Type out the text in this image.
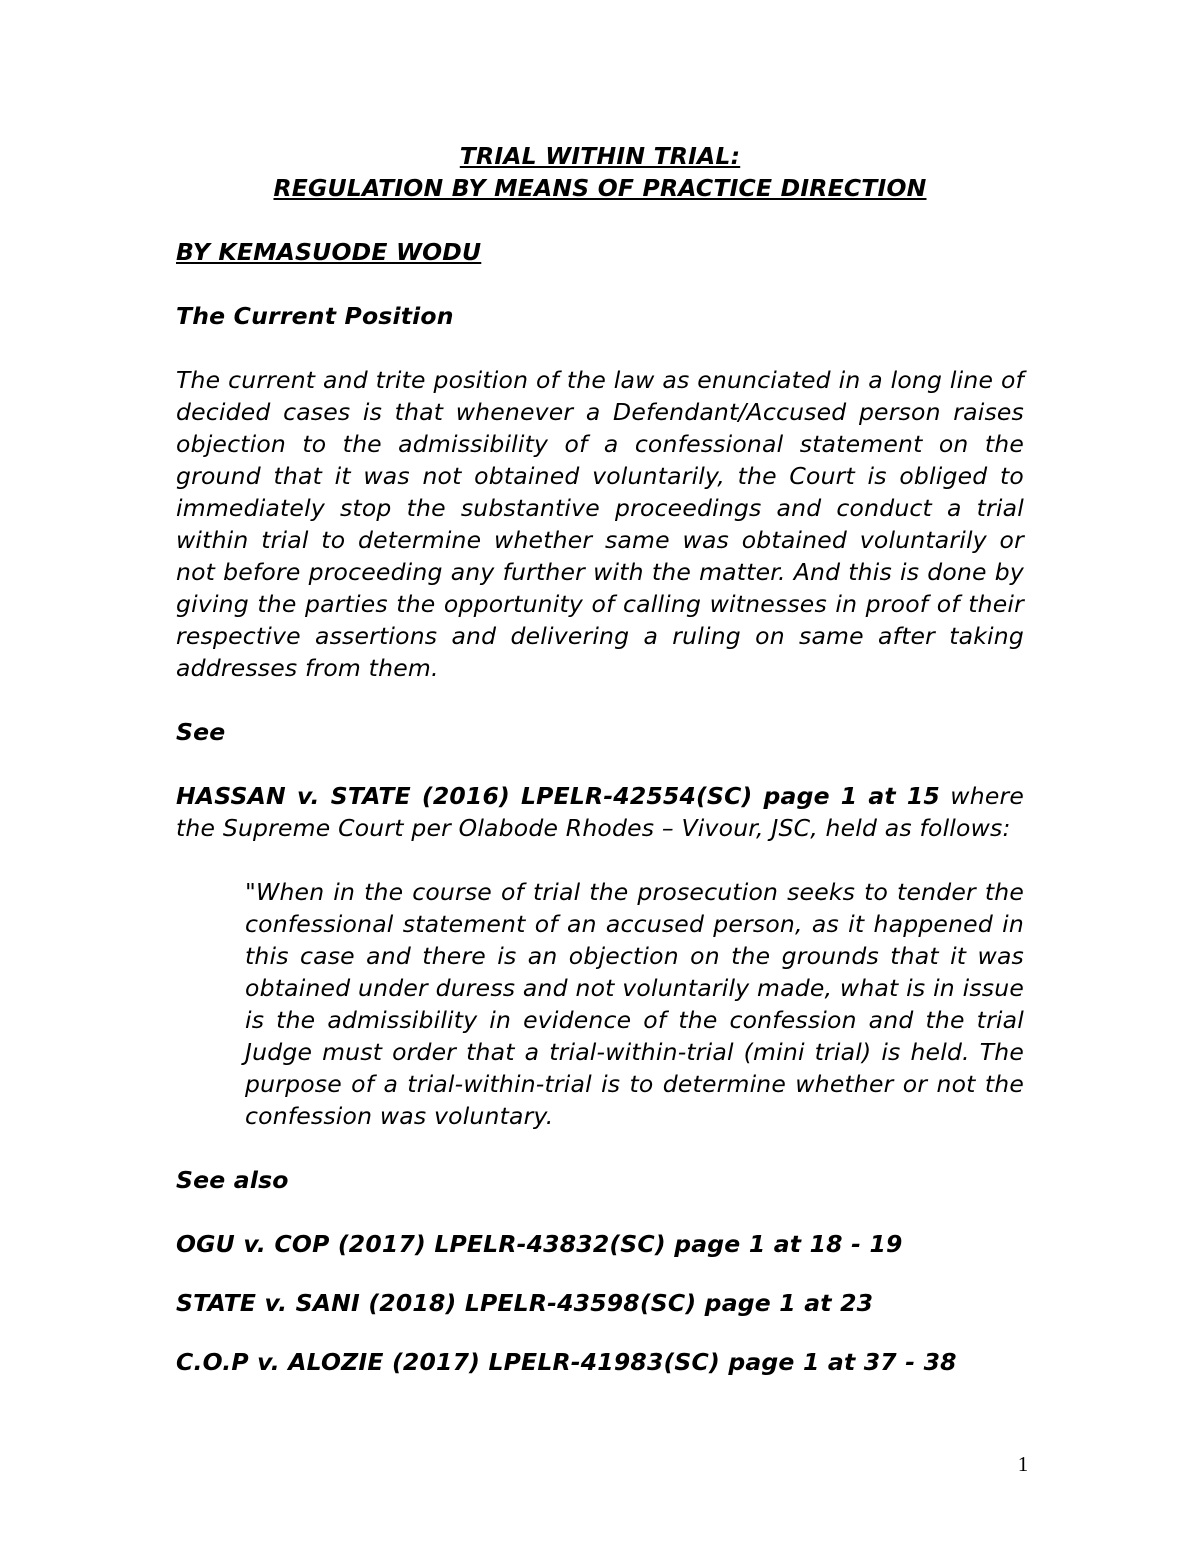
TRIAL WITHIN TRIAL:

REGULATION BY MEANS OF PRACTICE DIRECTION

BY KEMASUODE WODU

The Current Position

The current and trite position of the law as enunciated in a long line of decided cases is that whenever a Defendant/Accused person raises objection to the admissibility of a confessional statement on the ground that it was not obtained voluntarily, the Court is obliged to immediately stop the substantive proceedings and conduct a trial within trial to determine whether same was obtained voluntarily or not before proceeding any further with the matter. And this is done by giving the parties the opportunity of calling witnesses in proof of their respective assertions and delivering a ruling on same after taking addresses from them.

See

HASSAN v. STATE (2016) LPELR-42554(SC) page 1 at 15 where the Supreme Court per Olabode Rhodes – Vivour, JSC, held as follows:

"When in the course of trial the prosecution seeks to tender the confessional statement of an accused person, as it happened in this case and there is an objection on the grounds that it was obtained under duress and not voluntarily made, what is in issue is the admissibility in evidence of the confession and the trial Judge must order that a trial-within-trial (mini trial) is held. The purpose of a trial-within-trial is to determine whether or not the confession was voluntary.

See also

OGU v. COP (2017) LPELR-43832(SC) page 1 at 18 - 19

STATE v. SANI (2018) LPELR-43598(SC) page 1 at 23

C.O.P v. ALOZIE (2017) LPELR-41983(SC) page 1 at 37 - 38

1
